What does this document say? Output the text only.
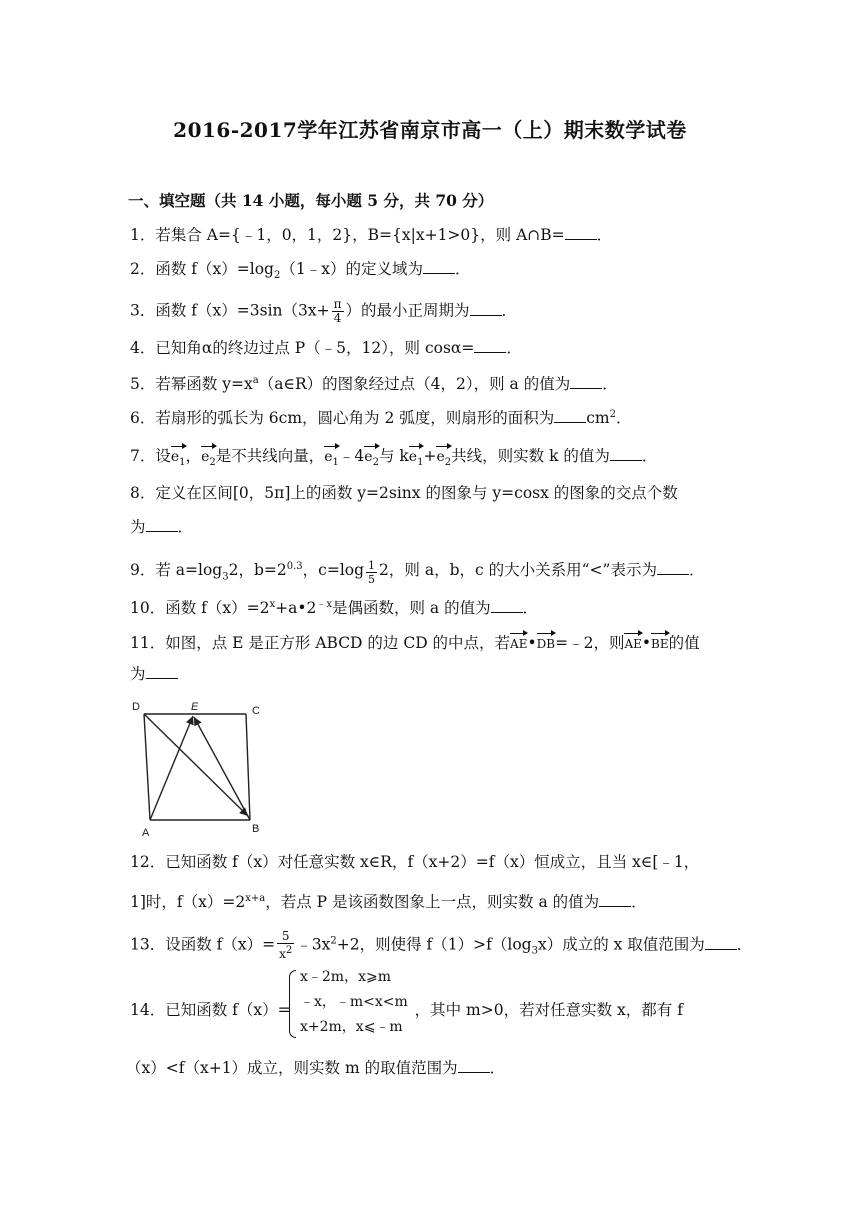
2016-2017学年江苏省南京市高一（上）期末数学试卷
一、填空题（共 14 小题，每小题 5 分，共 70 分）
1．若集合 A={﹣1，0，1，2}，B={x|x+1>0}，则 A∩B= ．
2．函数 $f(x)=\log_2(1﹣x)$的定义域为 ．
3．函数 $f(x)=3\sin(3x+ \frac{\pi}{4}$ ）的最小正周期为 ．
4．已知角α的终边过点 P（﹣5，12），则 cosα= ．
5．若幂函数 $y=x^a(a\in R)$的图象经过点（4，2），则 a 的值为 ．
6．若扇形的弧长为 6cm，圆心角为 2 弧度，则扇形的面积为 $cm^2$．
7．设$e_1$，$e_2$是不共线向量，$e_1﹣4e_2$与 $ke_1+e_2$共线，则实数 k 的值为 ．
8．定义在区间[0，5π]上的函数 y=2sinx 的图象与 y=cosx 的图象的交点个数
为 ．
9．若 $a=\log_32$，$b=2^{0.3}$，$c=\log \frac{1}{5} 2$，则 a，b，c 的大小关系用“<”表示为 ．
10．函数 $f(x)=2^x+a•2^{﹣x}$是偶函数，则 a 的值为 ．
11．如图，点 E 是正方形 ABCD 的边 CD 的中点，若AE•DB=﹣2，则AE•BE的值
为
D	E	C
A	B
12．已知函数 f（x）对任意实数 x∈R，f（x+2）=f（x）恒成立，且当 x∈[﹣1，
1]时，$f(x)=2^{x+a}$，若点 P 是该函数图象上一点，则实数 a 的值为 ．
13．设函数 $f(x)= \frac{5}{x^2}$ $﹣3x^2+2$，则使得 $f(1)>f(\log_3x)$成立的 x 取值范围为 ．
14．已知函数 f（x）=	，其中 m>0，若对任意实数 x，都有 f
x﹣2m，x⩾m
﹣x，﹣m<x<m
x+2m，x⩽﹣m
（x）<f（x+1）成立，则实数 m 的取值范围为 ．
